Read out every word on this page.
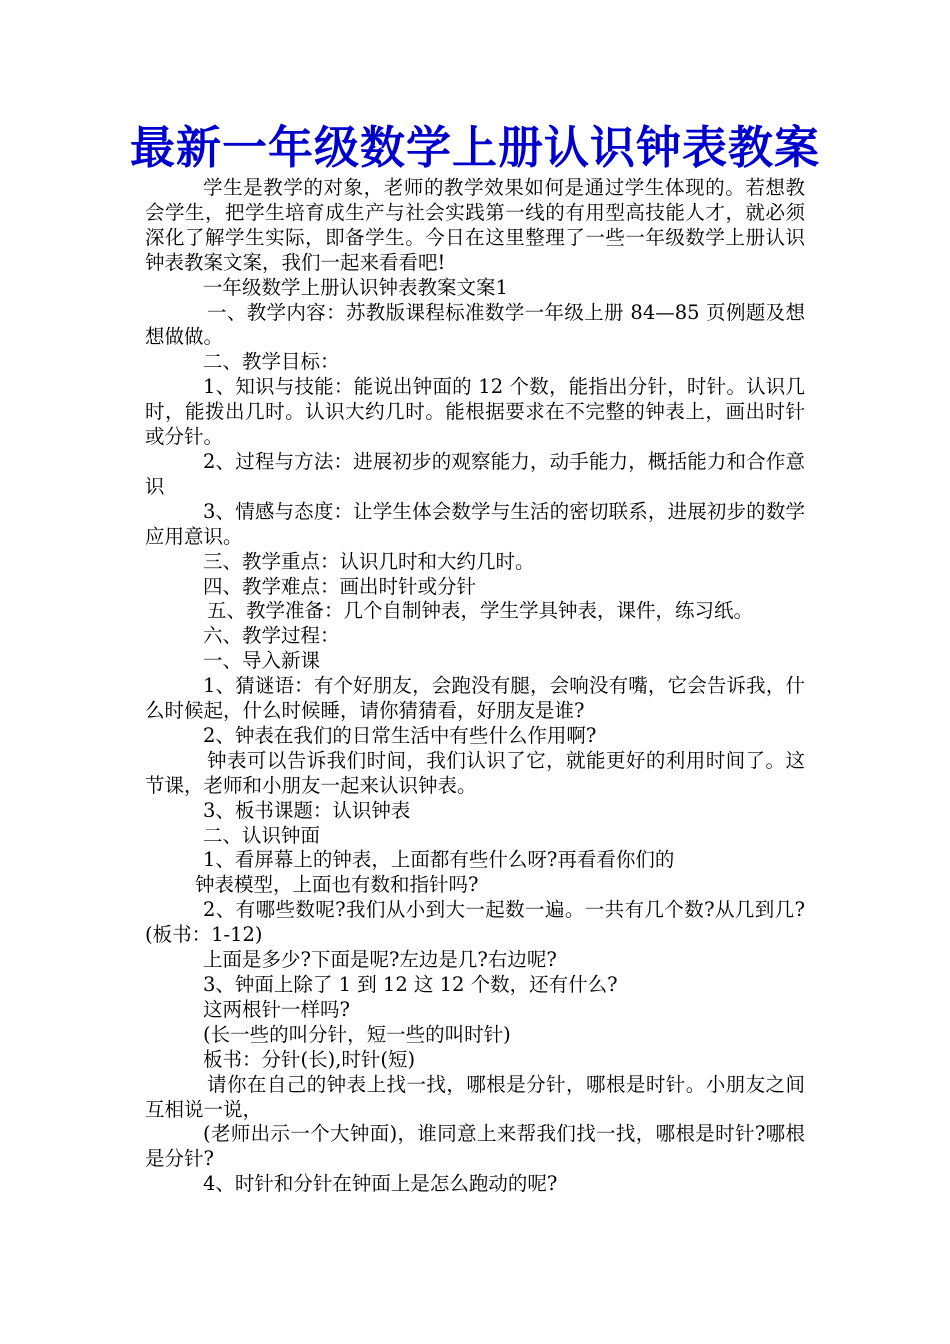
最新一年级数学上册认识钟表教案

学生是教学的对象，老师的教学效果如何是通过学生体现的。若想教会学生，把学生培育成生产与社会实践第一线的有用型高技能人才，就必须深化了解学生实际，即备学生。今日在这里整理了一些一年级数学上册认识钟表教案文案，我们一起来看看吧!

一年级数学上册认识钟表教案文案1

一、教学内容：苏教版课程标准数学一年级上册 84—85 页例题及想想做做。

二、教学目标：

1、知识与技能：能说出钟面的 12 个数，能指出分针，时针。认识几时，能拨出几时。认识大约几时。能根据要求在不完整的钟表上，画出时针或分针。

2、过程与方法：进展初步的观察能力，动手能力，概括能力和合作意识

3、情感与态度：让学生体会数学与生活的密切联系，进展初步的数学应用意识。

三、教学重点：认识几时和大约几时。

四、教学难点：画出时针或分针

五、教学准备：几个自制钟表，学生学具钟表，课件，练习纸。

六、教学过程：

一、导入新课

1、猜谜语：有个好朋友，会跑没有腿，会响没有嘴，它会告诉我，什么时候起，什么时候睡，请你猜猜看，好朋友是谁?

2、钟表在我们的日常生活中有些什么作用啊?

钟表可以告诉我们时间，我们认识了它，就能更好的利用时间了。这节课，老师和小朋友一起来认识钟表。

3、板书课题：认识钟表

二、认识钟面

1、看屏幕上的钟表，上面都有些什么呀?再看看你们的

钟表模型，上面也有数和指针吗?

2、有哪些数呢?我们从小到大一起数一遍。一共有几个数?从几到几?(板书：1-12)

上面是多少?下面是呢?左边是几?右边呢?

3、钟面上除了 1 到 12 这 12 个数，还有什么?

这两根针一样吗?

(长一些的叫分针，短一些的叫时针)

板书：分针(长),时针(短)

请你在自己的钟表上找一找，哪根是分针，哪根是时针。小朋友之间互相说一说，

(老师出示一个大钟面)，谁同意上来帮我们找一找，哪根是时针?哪根是分针?

4、时针和分针在钟面上是怎么跑动的呢?
